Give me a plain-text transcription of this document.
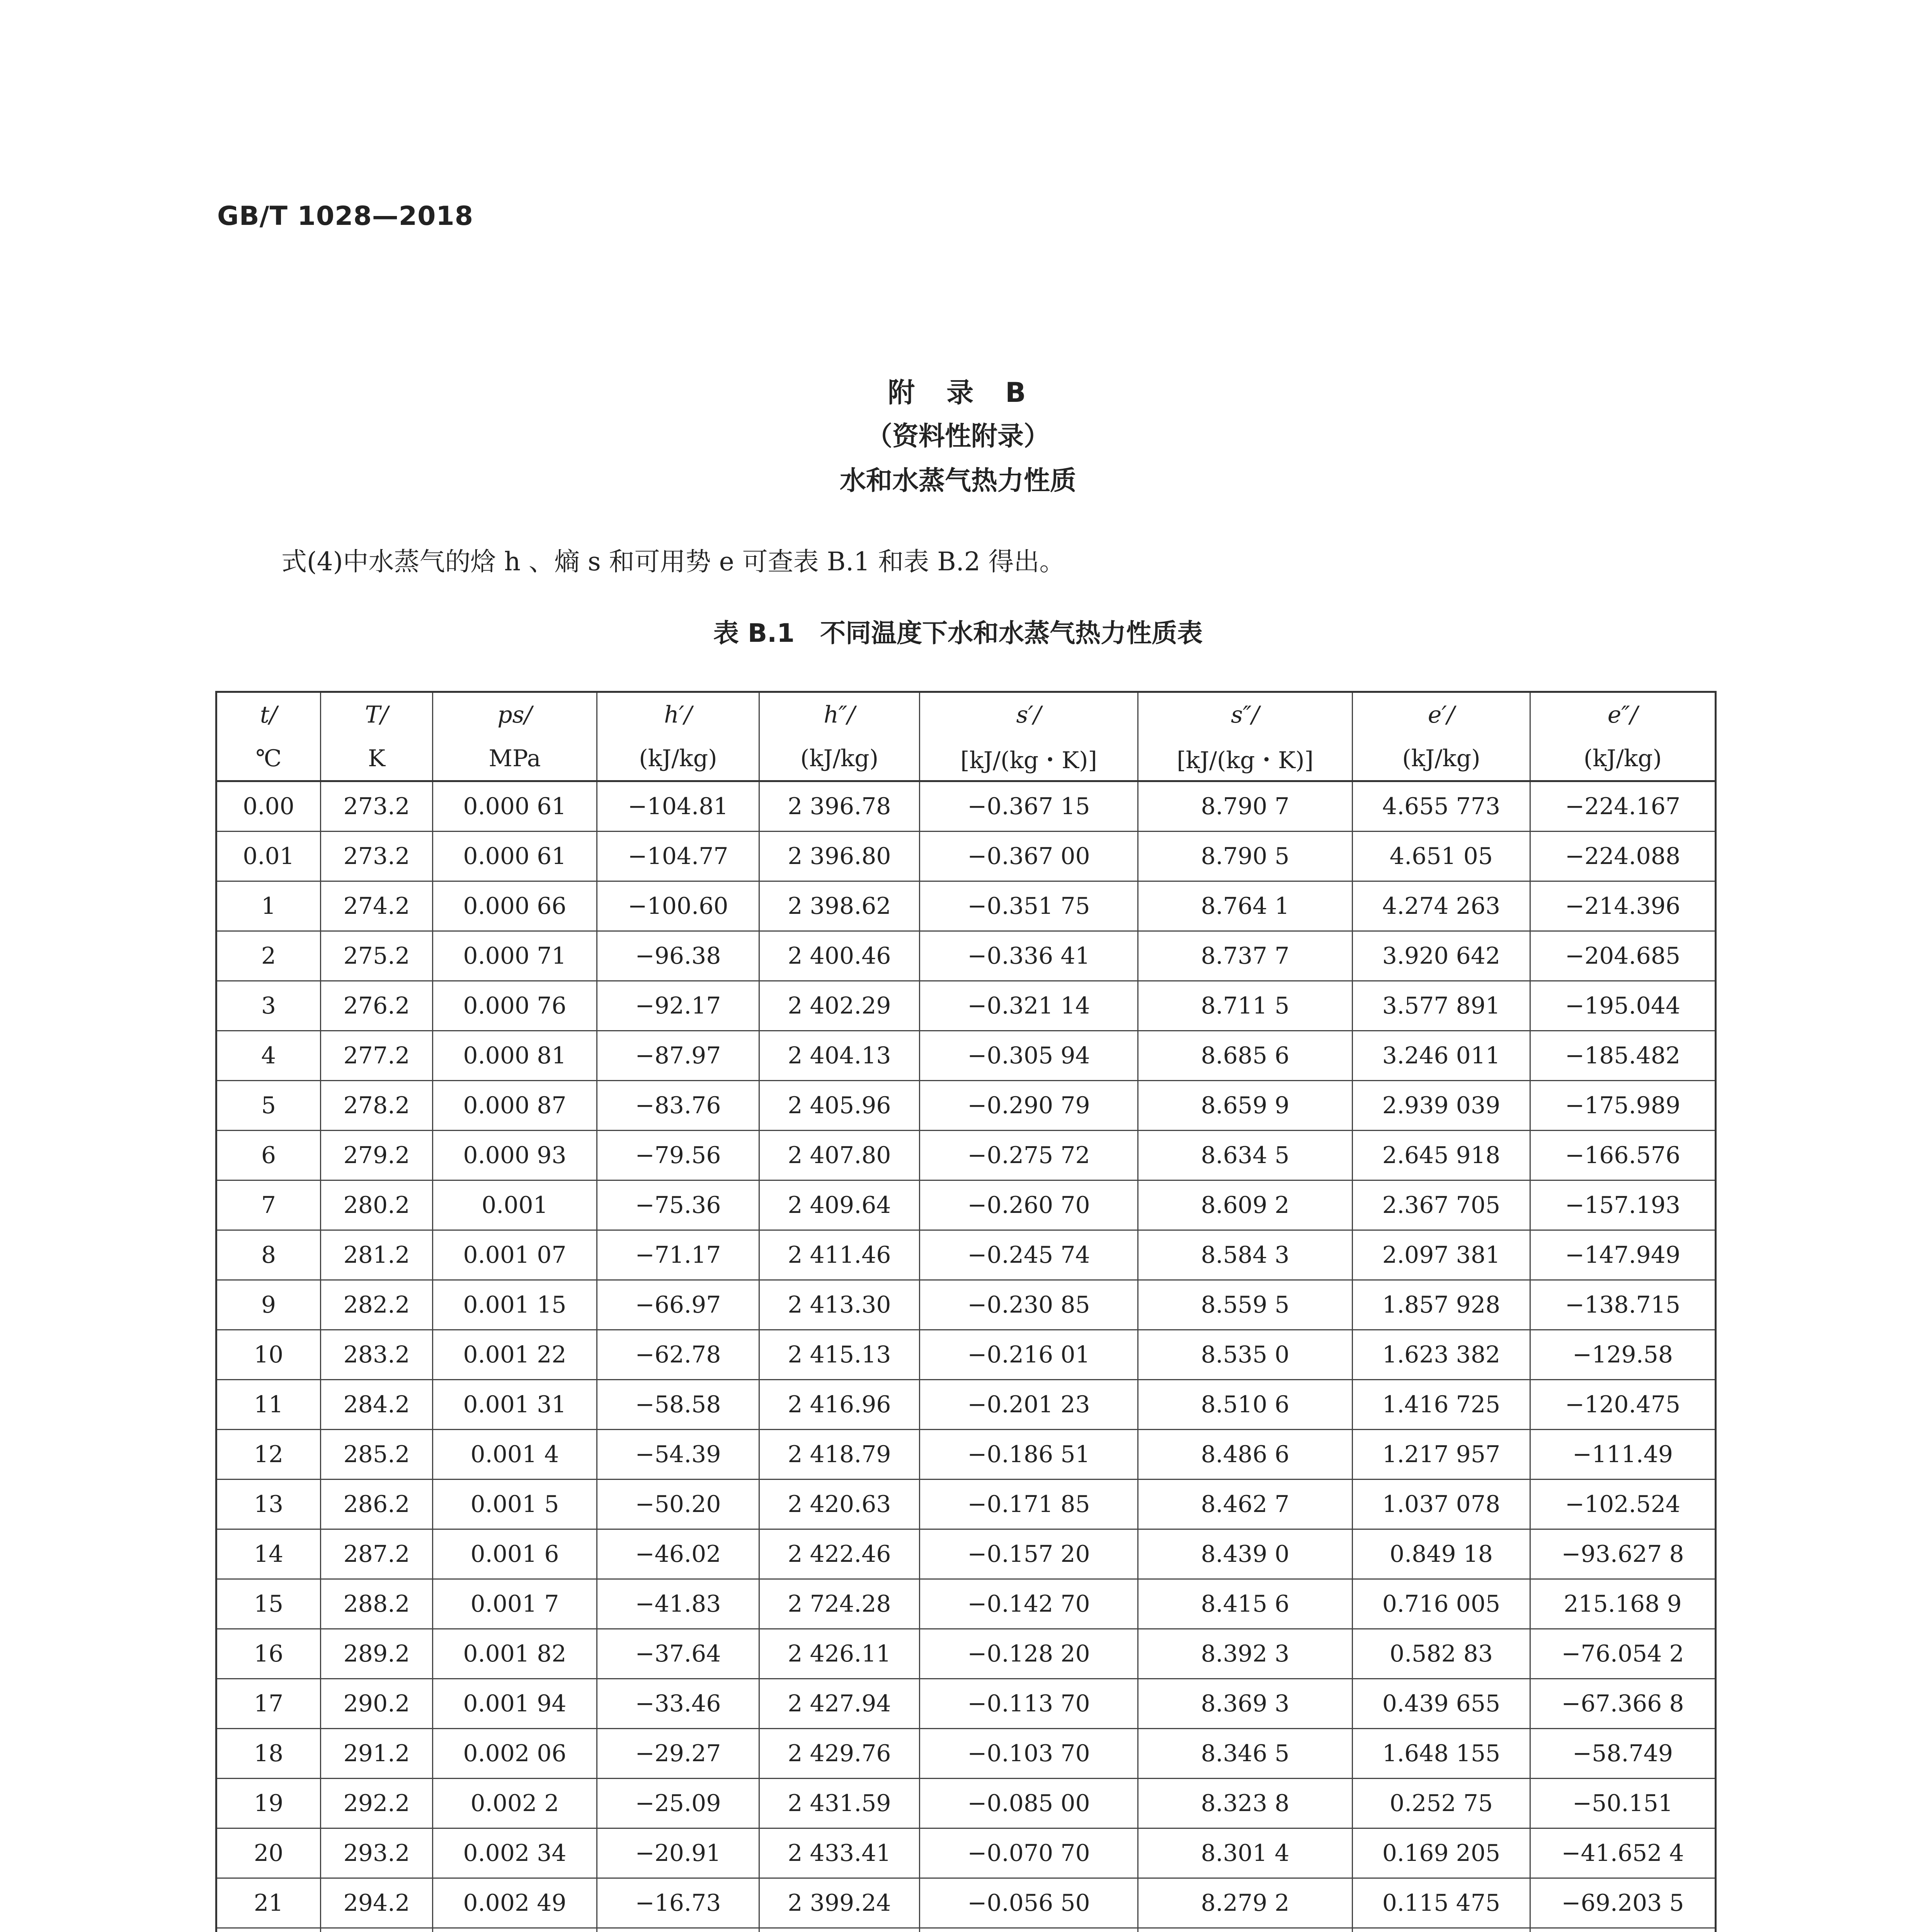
GB/T 1028—2018
附　录　B
（资料性附录）
水和水蒸气热力性质
式(4)中水蒸气的焓 h 、熵 s 和可用势 e 可查表 B.1 和表 B.2 得出。
表 B.1　不同温度下水和水蒸气热力性质表
t/	T/	ps/	h′/	h″/	s′/	s″/	e′/	e″/
℃	K	MPa	(kJ/kg)	(kJ/kg)	[kJ/(kg・K)]	[kJ/(kg・K)]	(kJ/kg)	(kJ/kg)
0.00	273.2	0.000 61	−104.81	2 396.78	−0.367 15	8.790 7	4.655 773	−224.167
0.01	273.2	0.000 61	−104.77	2 396.80	−0.367 00	8.790 5	4.651 05	−224.088
1	274.2	0.000 66	−100.60	2 398.62	−0.351 75	8.764 1	4.274 263	−214.396
2	275.2	0.000 71	−96.38	2 400.46	−0.336 41	8.737 7	3.920 642	−204.685
3	276.2	0.000 76	−92.17	2 402.29	−0.321 14	8.711 5	3.577 891	−195.044
4	277.2	0.000 81	−87.97	2 404.13	−0.305 94	8.685 6	3.246 011	−185.482
5	278.2	0.000 87	−83.76	2 405.96	−0.290 79	8.659 9	2.939 039	−175.989
6	279.2	0.000 93	−79.56	2 407.80	−0.275 72	8.634 5	2.645 918	−166.576
7	280.2	0.001	−75.36	2 409.64	−0.260 70	8.609 2	2.367 705	−157.193
8	281.2	0.001 07	−71.17	2 411.46	−0.245 74	8.584 3	2.097 381	−147.949
9	282.2	0.001 15	−66.97	2 413.30	−0.230 85	8.559 5	1.857 928	−138.715
10	283.2	0.001 22	−62.78	2 415.13	−0.216 01	8.535 0	1.623 382	−129.58
11	284.2	0.001 31	−58.58	2 416.96	−0.201 23	8.510 6	1.416 725	−120.475
12	285.2	0.001 4	−54.39	2 418.79	−0.186 51	8.486 6	1.217 957	−111.49
13	286.2	0.001 5	−50.20	2 420.63	−0.171 85	8.462 7	1.037 078	−102.524
14	287.2	0.001 6	−46.02	2 422.46	−0.157 20	8.439 0	0.849 18	−93.627 8
15	288.2	0.001 7	−41.83	2 724.28	−0.142 70	8.415 6	0.716 005	215.168 9
16	289.2	0.001 82	−37.64	2 426.11	−0.128 20	8.392 3	0.582 83	−76.054 2
17	290.2	0.001 94	−33.46	2 427.94	−0.113 70	8.369 3	0.439 655	−67.366 8
18	291.2	0.002 06	−29.27	2 429.76	−0.103 70	8.346 5	1.648 155	−58.749
19	292.2	0.002 2	−25.09	2 431.59	−0.085 00	8.323 8	0.252 75	−50.151
20	293.2	0.002 34	−20.91	2 433.41	−0.070 70	8.301 4	0.169 205	−41.652 4
21	294.2	0.002 49	−16.73	2 399.24	−0.056 50	8.279 2	0.115 475	−69.203 5
